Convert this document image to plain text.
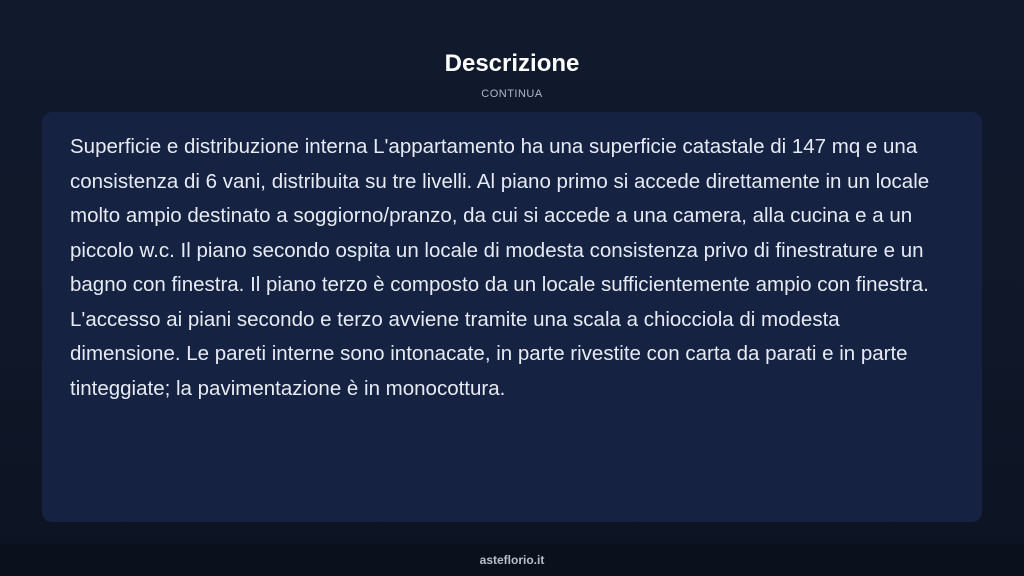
Descrizione
CONTINUA

Superficie e distribuzione interna L'appartamento ha una superficie catastale di 147 mq e una consistenza di 6 vani, distribuita su tre livelli. Al piano primo si accede direttamente in un locale molto ampio destinato a soggiorno/pranzo, da cui si accede a una camera, alla cucina e a un piccolo w.c. Il piano secondo ospita un locale di modesta consistenza privo di finestrature e un bagno con finestra. Il piano terzo è composto da un locale sufficientemente ampio con finestra. L'accesso ai piani secondo e terzo avviene tramite una scala a chiocciola di modesta dimensione. Le pareti interne sono intonacate, in parte rivestite con carta da parati e in parte tinteggiate; la pavimentazione è in monocottura.

asteflorio.it
